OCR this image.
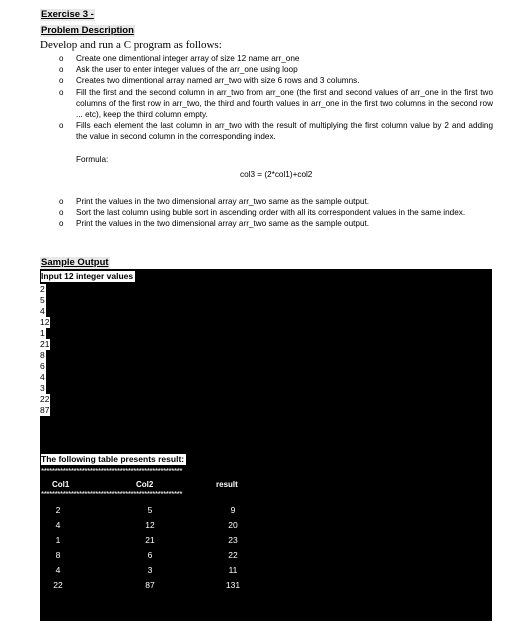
Exercise 3 -
Problem Description
Develop and run a C program as follows:
o Create one dimentional integer array of size 12 name arr_one
o Ask the user to enter integer values of the arr_one using loop
o Creates two dimentional array named arr_two with size 6 rows and 3 columns.
o Fill the first and the second column in arr_two from arr_one (the first and second values of arr_one in the first two columns of the first row in arr_two, the third and fourth values in arr_one in the first two columns in the second row ... etc), keep the third column empty.
o Fills each element the last column in arr_two with the result of multiplying the first column value by 2 and adding the value in second column in the corresponding index.
Formula:
col3 = (2*col1)+col2
o Print the values in the two dimensional array arr_two same as the sample output.
o Sort the last column using buble sort in ascending order with all its correspondent values in the same index.
o Print the values in the two dimensional array arr_two same as the sample output.
Sample Output
Input 12 integer values
2
5
4
12
1
21
8
6
4
3
22
87
The following table presents result:
****************************************************
Col1	Col2	result
****************************************************
2	5	9
4	12	20
1	21	23
8	6	22
4	3	11
22	87	131
